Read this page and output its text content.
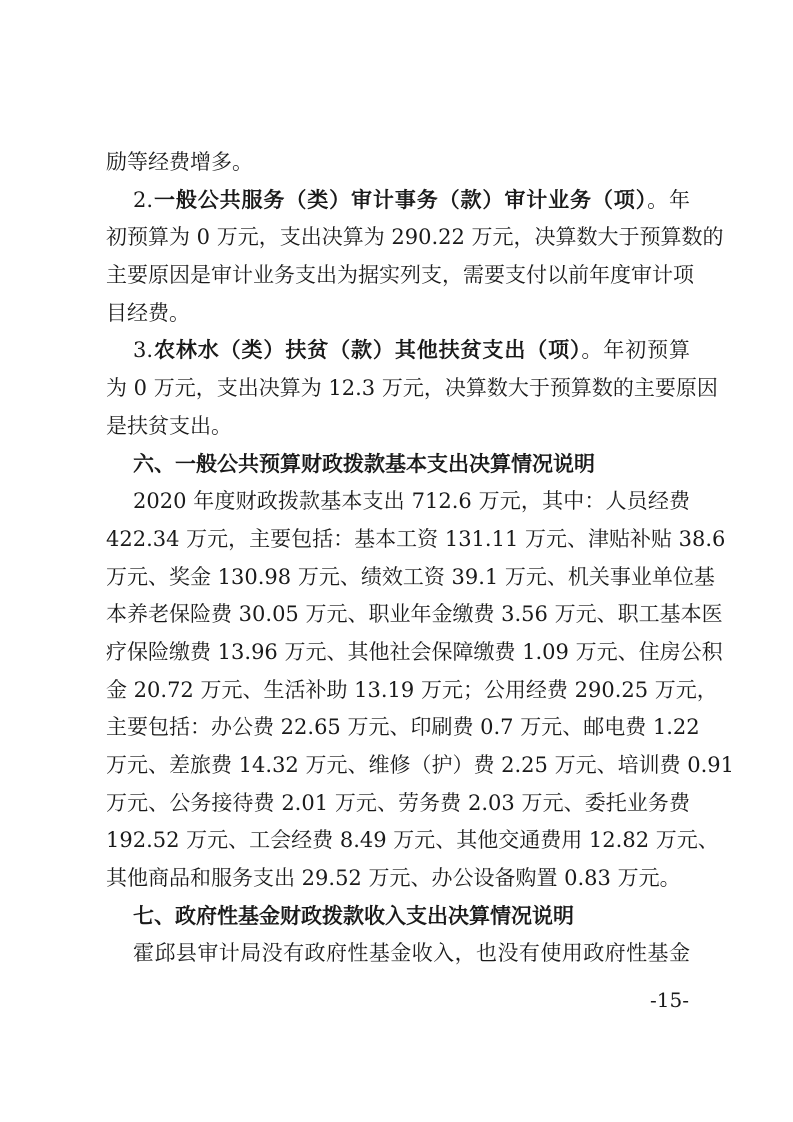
励等经费增多。
2.一般公共服务（类）审计事务（款）审计业务（项）。年
初预算为 0 万元，支出决算为 290.22 万元，决算数大于预算数的
主要原因是审计业务支出为据实列支，需要支付以前年度审计项
目经费。
3.农林水（类）扶贫（款）其他扶贫支出（项）。年初预算
为 0 万元，支出决算为 12.3 万元，决算数大于预算数的主要原因
是扶贫支出。
六、一般公共预算财政拨款基本支出决算情况说明
2020 年度财政拨款基本支出 712.6 万元，其中：人员经费
422.34 万元，主要包括：基本工资 131.11 万元、津贴补贴 38.6
万元、奖金 130.98 万元、绩效工资 39.1 万元、机关事业单位基
本养老保险费 30.05 万元、职业年金缴费 3.56 万元、职工基本医
疗保险缴费 13.96 万元、其他社会保障缴费 1.09 万元、住房公积
金 20.72 万元、生活补助 13.19 万元；公用经费 290.25 万元，
主要包括：办公费 22.65 万元、印刷费 0.7 万元、邮电费 1.22
万元、差旅费 14.32 万元、维修（护）费 2.25 万元、培训费 0.91
万元、公务接待费 2.01 万元、劳务费 2.03 万元、委托业务费
192.52 万元、工会经费 8.49 万元、其他交通费用 12.82 万元、
其他商品和服务支出 29.52 万元、办公设备购置 0.83 万元。
七、政府性基金财政拨款收入支出决算情况说明
霍邱县审计局没有政府性基金收入，也没有使用政府性基金
-15-
